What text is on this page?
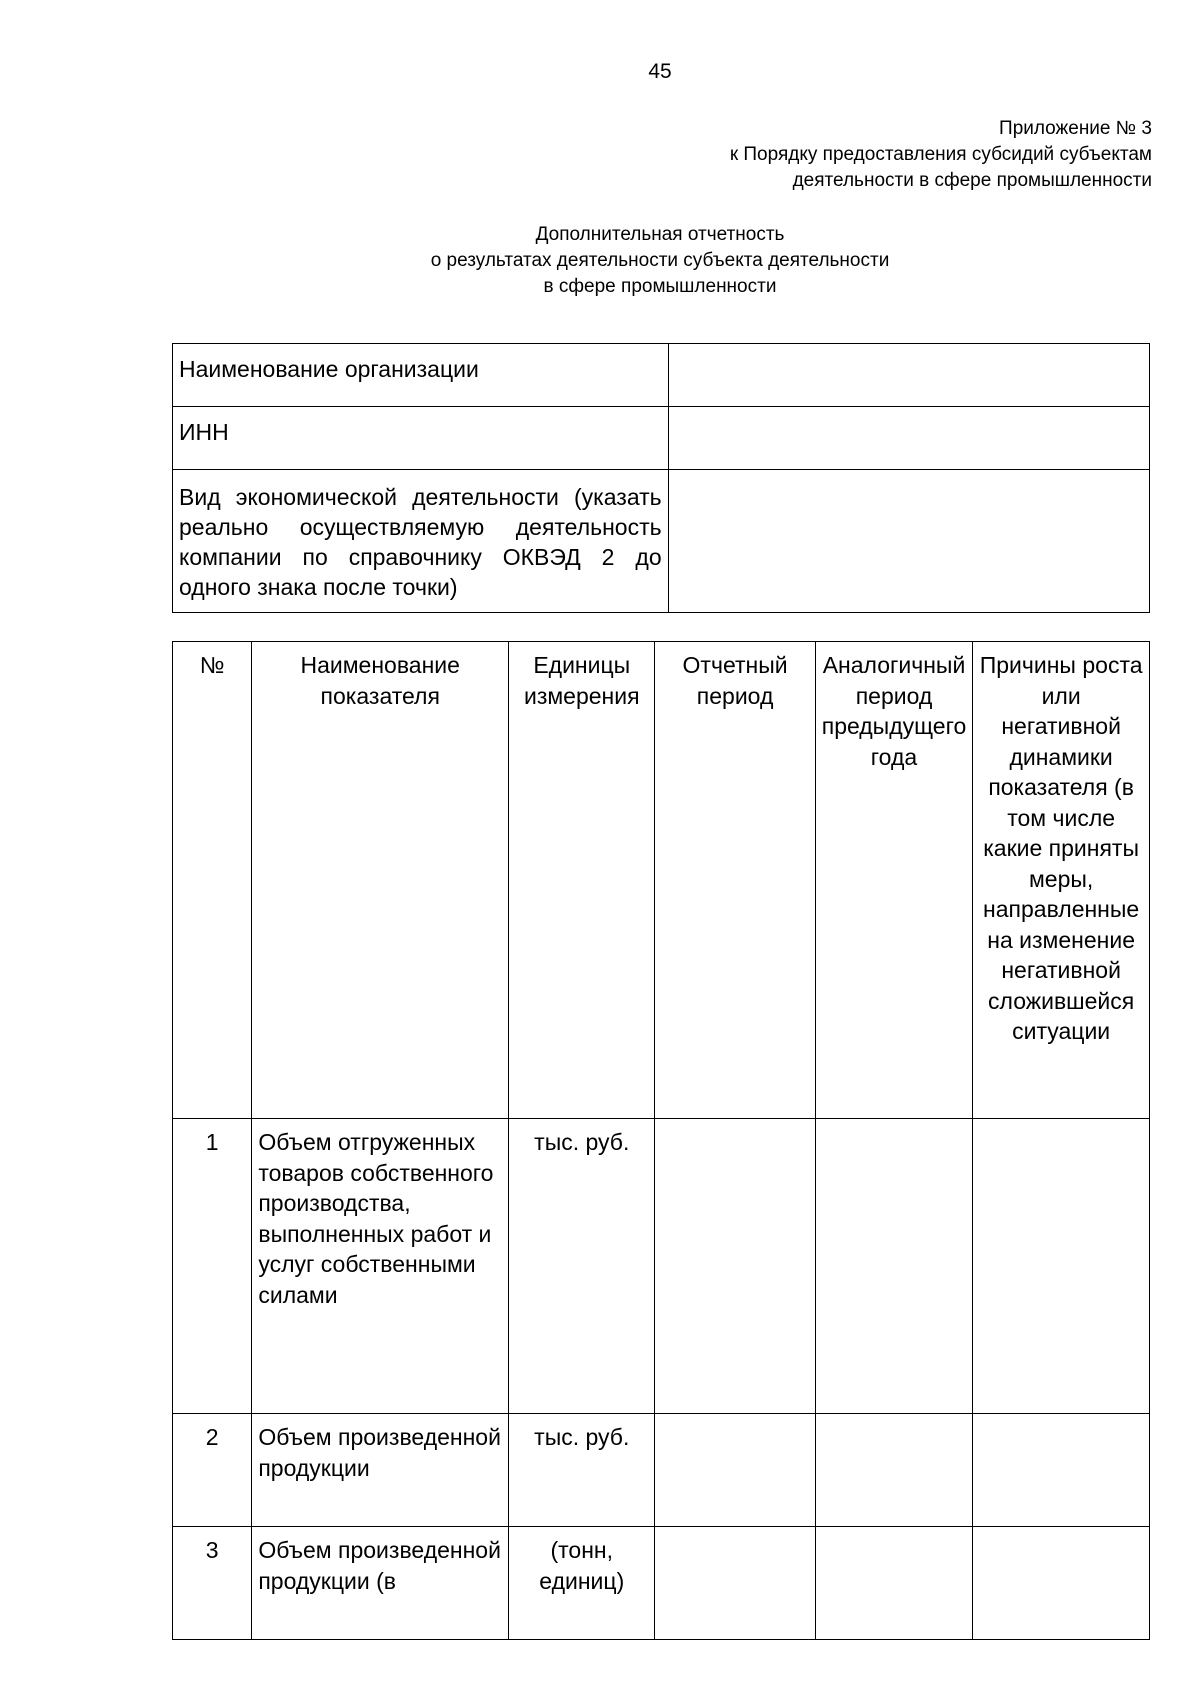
45
Приложение № 3
к Порядку предоставления субсидий субъектам
деятельности в сфере промышленности
Дополнительная отчетность
о результатах деятельности субъекта деятельности
в сфере промышленности
Наименование организации	
ИНН	
Вид экономической деятельности (указать реально осуществляемую деятельность компании по справочнику ОКВЭД 2 до одного знака после точки)	
№	Наименование показателя	Единицы измерения	Отчетный период	Аналогичный период предыдущего года	Причины роста или негативной динамики показателя (в том числе какие приняты меры, направленные на изменение негативной сложившейся ситуации
1	Объем отгруженных товаров собственного производства, выполненных работ и услуг собственными силами	тыс. руб.			
2	Объем произведенной продукции	тыс. руб.			
3	Объем произведенной продукции (в	(тонн, единиц)			
